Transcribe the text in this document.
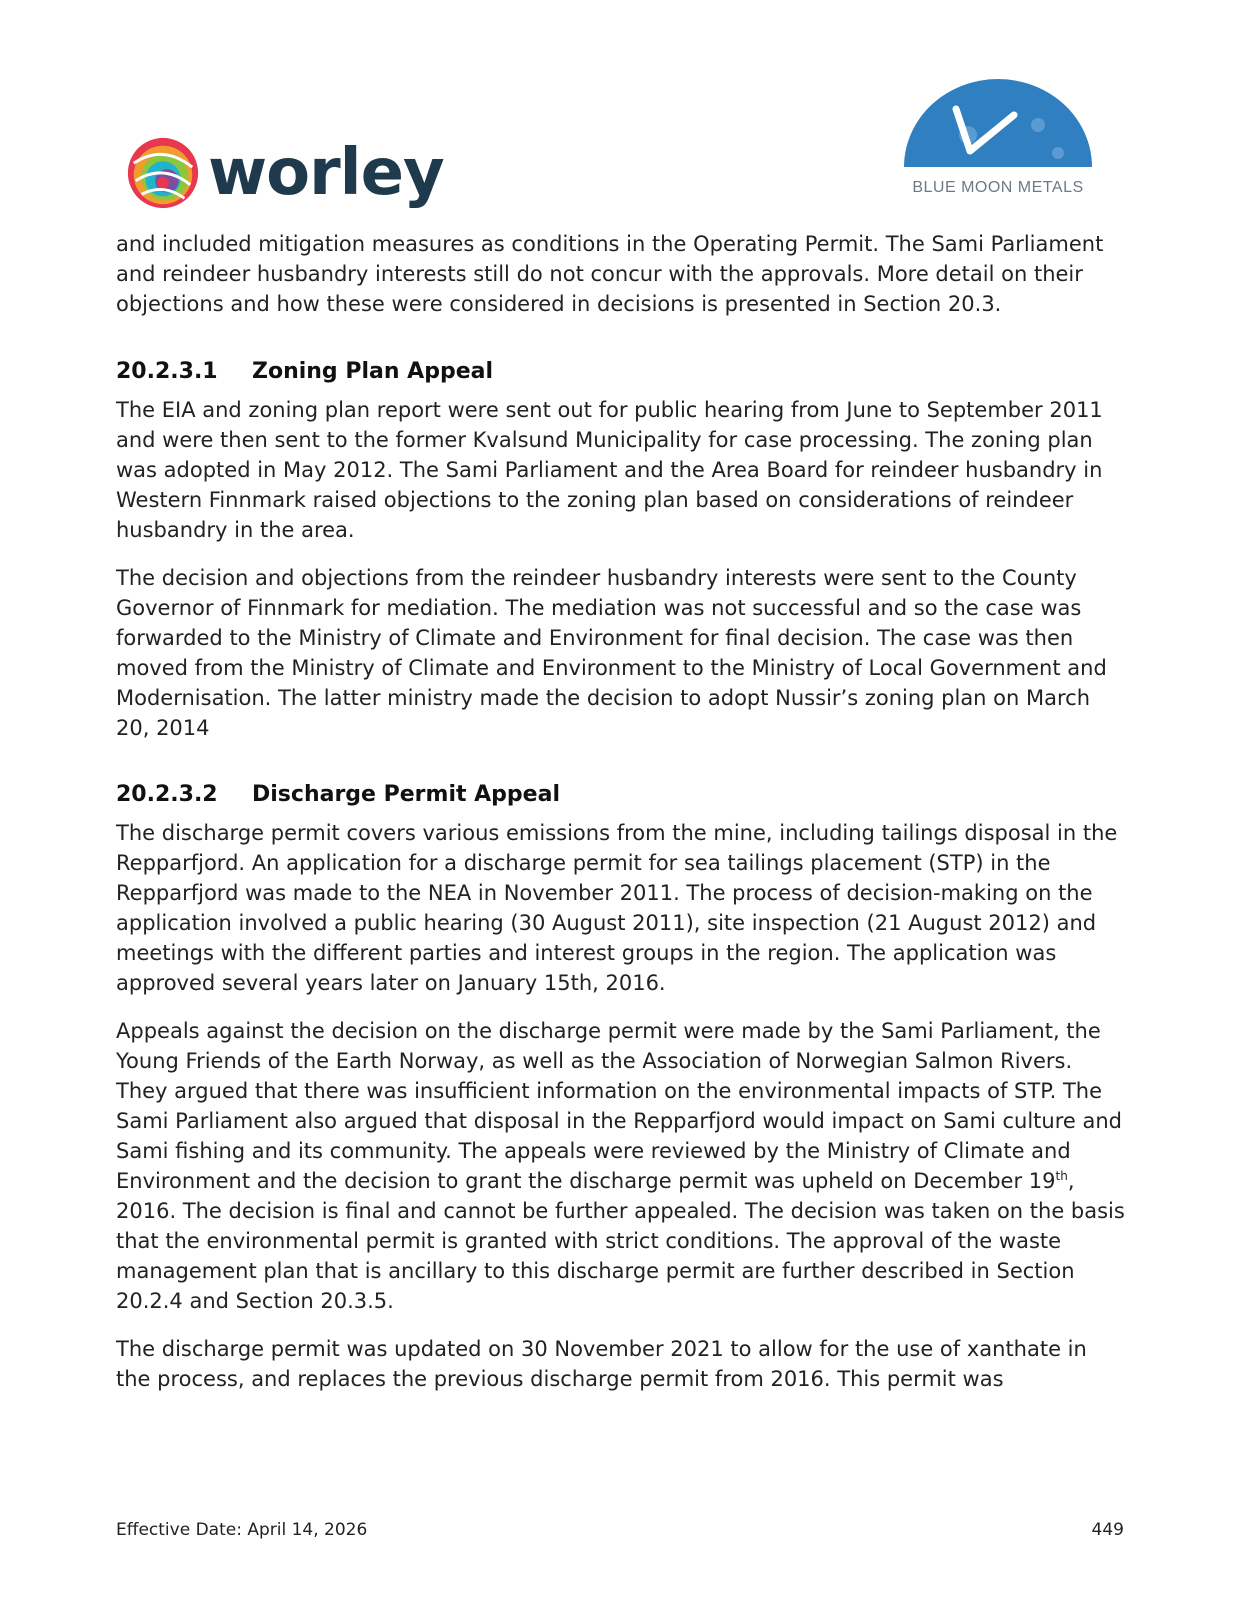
worley	BLUE MOON METALS

and included mitigation measures as conditions in the Operating Permit. The Sami Parliament and reindeer husbandry interests still do not concur with the approvals. More detail on their objections and how these were considered in decisions is presented in Section 20.3.

20.2.3.1 Zoning Plan Appeal

The EIA and zoning plan report were sent out for public hearing from June to September 2011 and were then sent to the former Kvalsund Municipality for case processing. The zoning plan was adopted in May 2012. The Sami Parliament and the Area Board for reindeer husbandry in Western Finnmark raised objections to the zoning plan based on considerations of reindeer husbandry in the area.

The decision and objections from the reindeer husbandry interests were sent to the County Governor of Finnmark for mediation. The mediation was not successful and so the case was forwarded to the Ministry of Climate and Environment for final decision. The case was then moved from the Ministry of Climate and Environment to the Ministry of Local Government and Modernisation. The latter ministry made the decision to adopt Nussir’s zoning plan on March 20, 2014

20.2.3.2 Discharge Permit Appeal

The discharge permit covers various emissions from the mine, including tailings disposal in the Repparfjord. An application for a discharge permit for sea tailings placement (STP) in the Repparfjord was made to the NEA in November 2011. The process of decision-making on the application involved a public hearing (30 August 2011), site inspection (21 August 2012) and meetings with the different parties and interest groups in the region. The application was approved several years later on January 15th, 2016.

Appeals against the decision on the discharge permit were made by the Sami Parliament, the Young Friends of the Earth Norway, as well as the Association of Norwegian Salmon Rivers. They argued that there was insufficient information on the environmental impacts of STP. The Sami Parliament also argued that disposal in the Repparfjord would impact on Sami culture and Sami fishing and its community. The appeals were reviewed by the Ministry of Climate and Environment and the decision to grant the discharge permit was upheld on December 19th, 2016. The decision is final and cannot be further appealed. The decision was taken on the basis that the environmental permit is granted with strict conditions. The approval of the waste management plan that is ancillary to this discharge permit are further described in Section 20.2.4 and Section 20.3.5.

The discharge permit was updated on 30 November 2021 to allow for the use of xanthate in the process, and replaces the previous discharge permit from 2016. This permit was

Effective Date: April 14, 2026	449
